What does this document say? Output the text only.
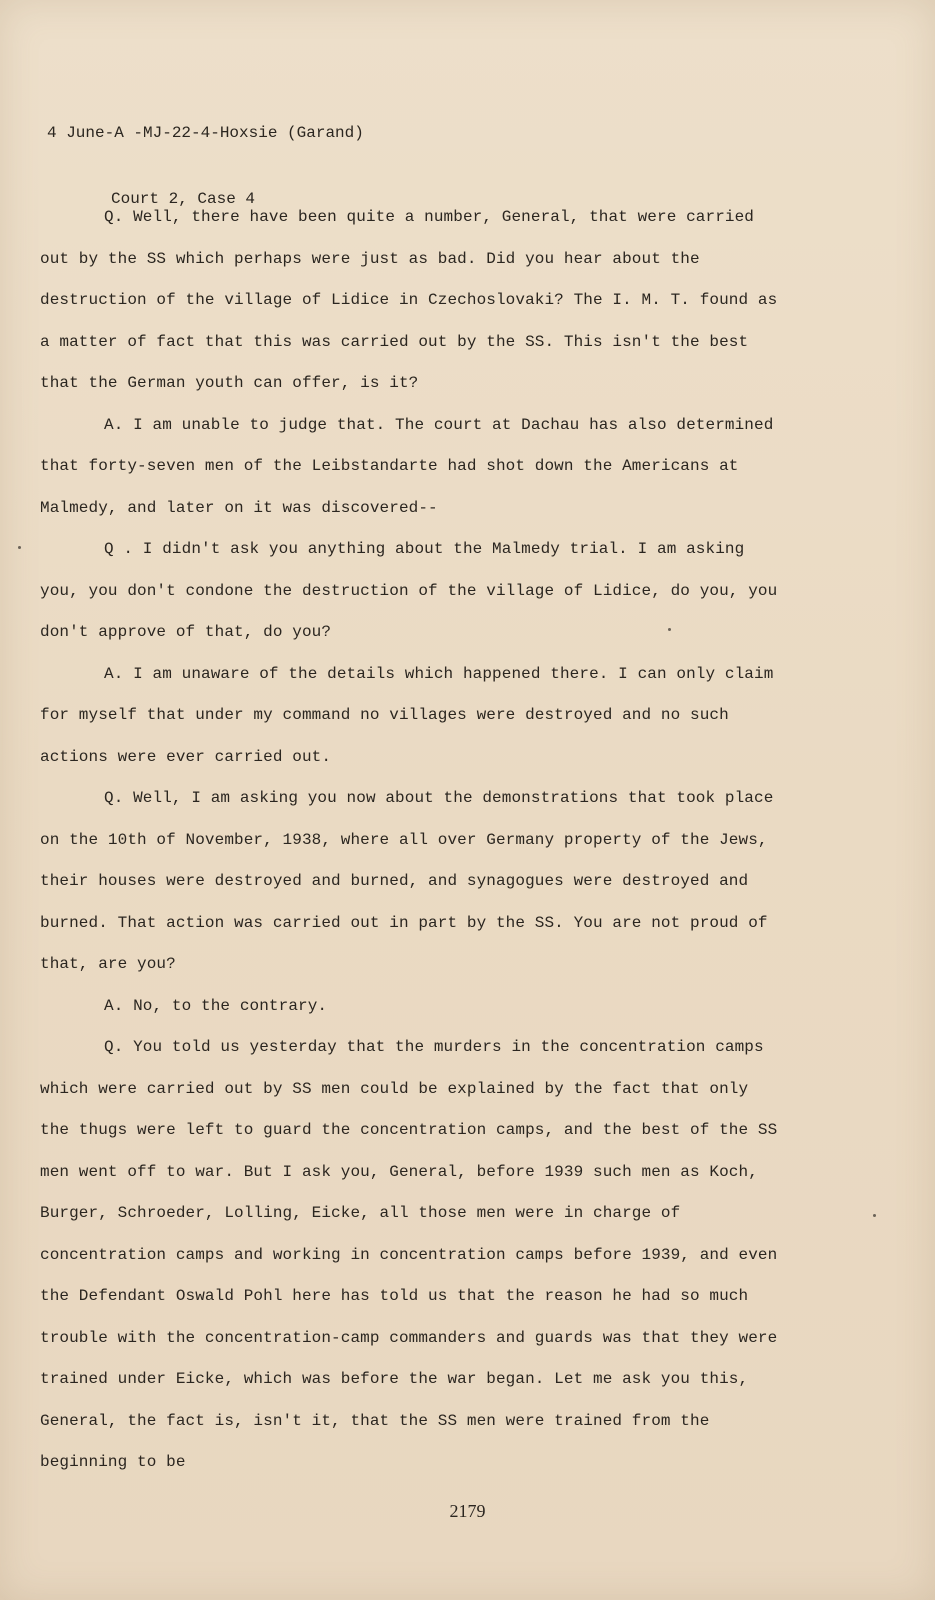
4 June-A -MJ-22-4-Hoxsie (Garand)

Court 2, Case 4

Q. Well, there have been quite a number, General, that were carried out by the SS which perhaps were just as bad. Did you hear about the destruction of the village of Lidice in Czechoslovaki? The I. M. T. found as a matter of fact that this was carried out by the SS. This isn't the best that the German youth can offer, is it?

A. I am unable to judge that. The court at Dachau has also determined that forty-seven men of the Leibstandarte had shot down the Americans at Malmedy, and later on it was discovered--

Q . I didn't ask you anything about the Malmedy trial. I am asking you, you don't condone the destruction of the village of Lidice, do you, you don't approve of that, do you?

A. I am unaware of the details which happened there. I can only claim for myself that under my command no villages were destroyed and no such actions were ever carried out.

Q. Well, I am asking you now about the demonstrations that took place on the 10th of November, 1938, where all over Germany property of the Jews, their houses were destroyed and burned, and synagogues were destroyed and burned. That action was carried out in part by the SS. You are not proud of that, are you?

A. No, to the contrary.

Q. You told us yesterday that the murders in the concentration camps which were carried out by SS men could be explained by the fact that only the thugs were left to guard the concentration camps, and the best of the SS men went off to war. But I ask you, General, before 1939 such men as Koch, Burger, Schroeder, Lolling, Eicke, all those men were in charge of concentration camps and working in concentration camps before 1939, and even the Defendant Oswald Pohl here has told us that the reason he had so much trouble with the concentration-camp commanders and guards was that they were trained under Eicke, which was before the war began. Let me ask you this, General, the fact is, isn't it, that the SS men were trained from the beginning to be

2179
